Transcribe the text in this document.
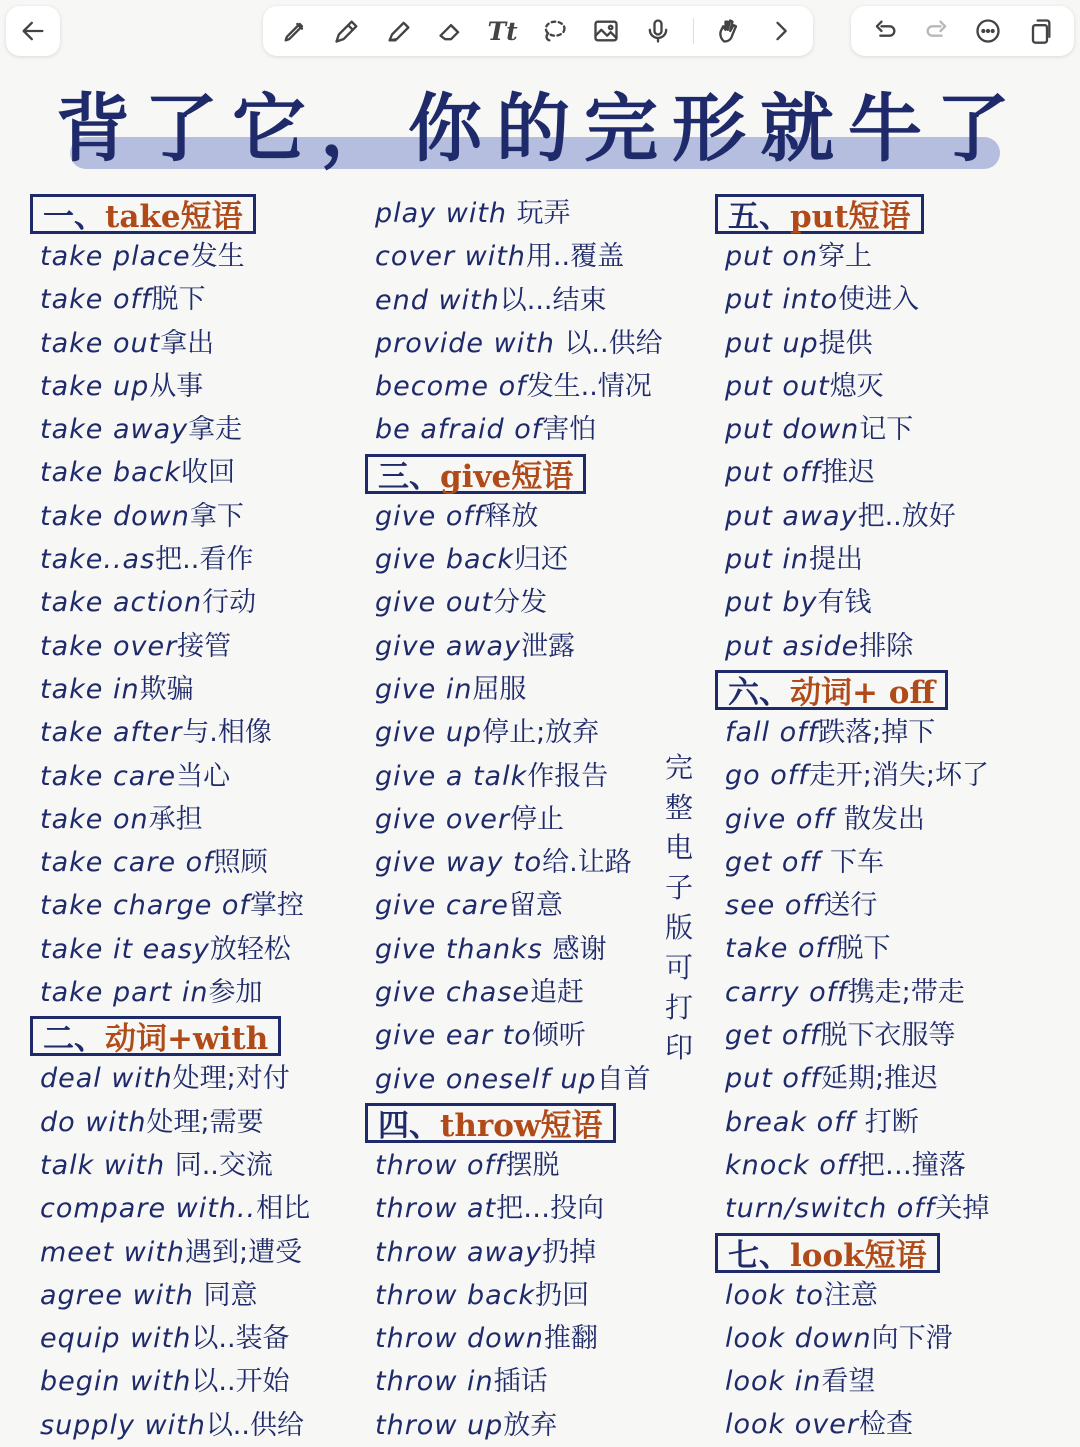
Tt
背了它，你的完形就牛了
一、take短语
take place发生
take off脱下
take out拿出
take up从事
take away拿走
take back收回
take down拿下
take..as把..看作
take action行动
take over接管
take in欺骗
take after与.相像
take care当心
take on承担
take care of照顾
take charge of掌控
take it easy放轻松
take part in参加
二、动词+with
deal with处理;对付
do with处理;需要
talk with 同..交流
compare with..相比
meet with遇到;遭受
agree with 同意
equip with以..装备
begin with以..开始
supply with以..供给
play with 玩弄
cover with用..覆盖
end with以...结束
provide with 以..供给
become of发生..情况
be afraid of害怕
三、give短语
give off释放
give back归还
give out分发
give away泄露
give in屈服
give up停止;放弃
give a talk作报告
give over停止
give way to给.让路
give care留意
give thanks 感谢
give chase追赶
give ear to倾听
give oneself up自首
四、throw短语
throw off摆脱
throw at把…投向
throw away扔掉
throw back扔回
throw down推翻
throw in插话
throw up放弃
完
整
电
子
版
可
打
印
五、put短语
put on穿上
put into使进入
put up提供
put out熄灭
put down记下
put off推迟
put away把..放好
put in提出
put by有钱
put aside排除
六、动词+ off
fall off跌落;掉下
go off走开;消失;坏了
give off 散发出
get off 下车
see off送行
take off脱下
carry off携走;带走
get off脱下衣服等
put off延期;推迟
break off 打断
knock off把…撞落
turn/switch off关掉
七、look短语
look to注意
look down向下滑
look in看望
look over检查
